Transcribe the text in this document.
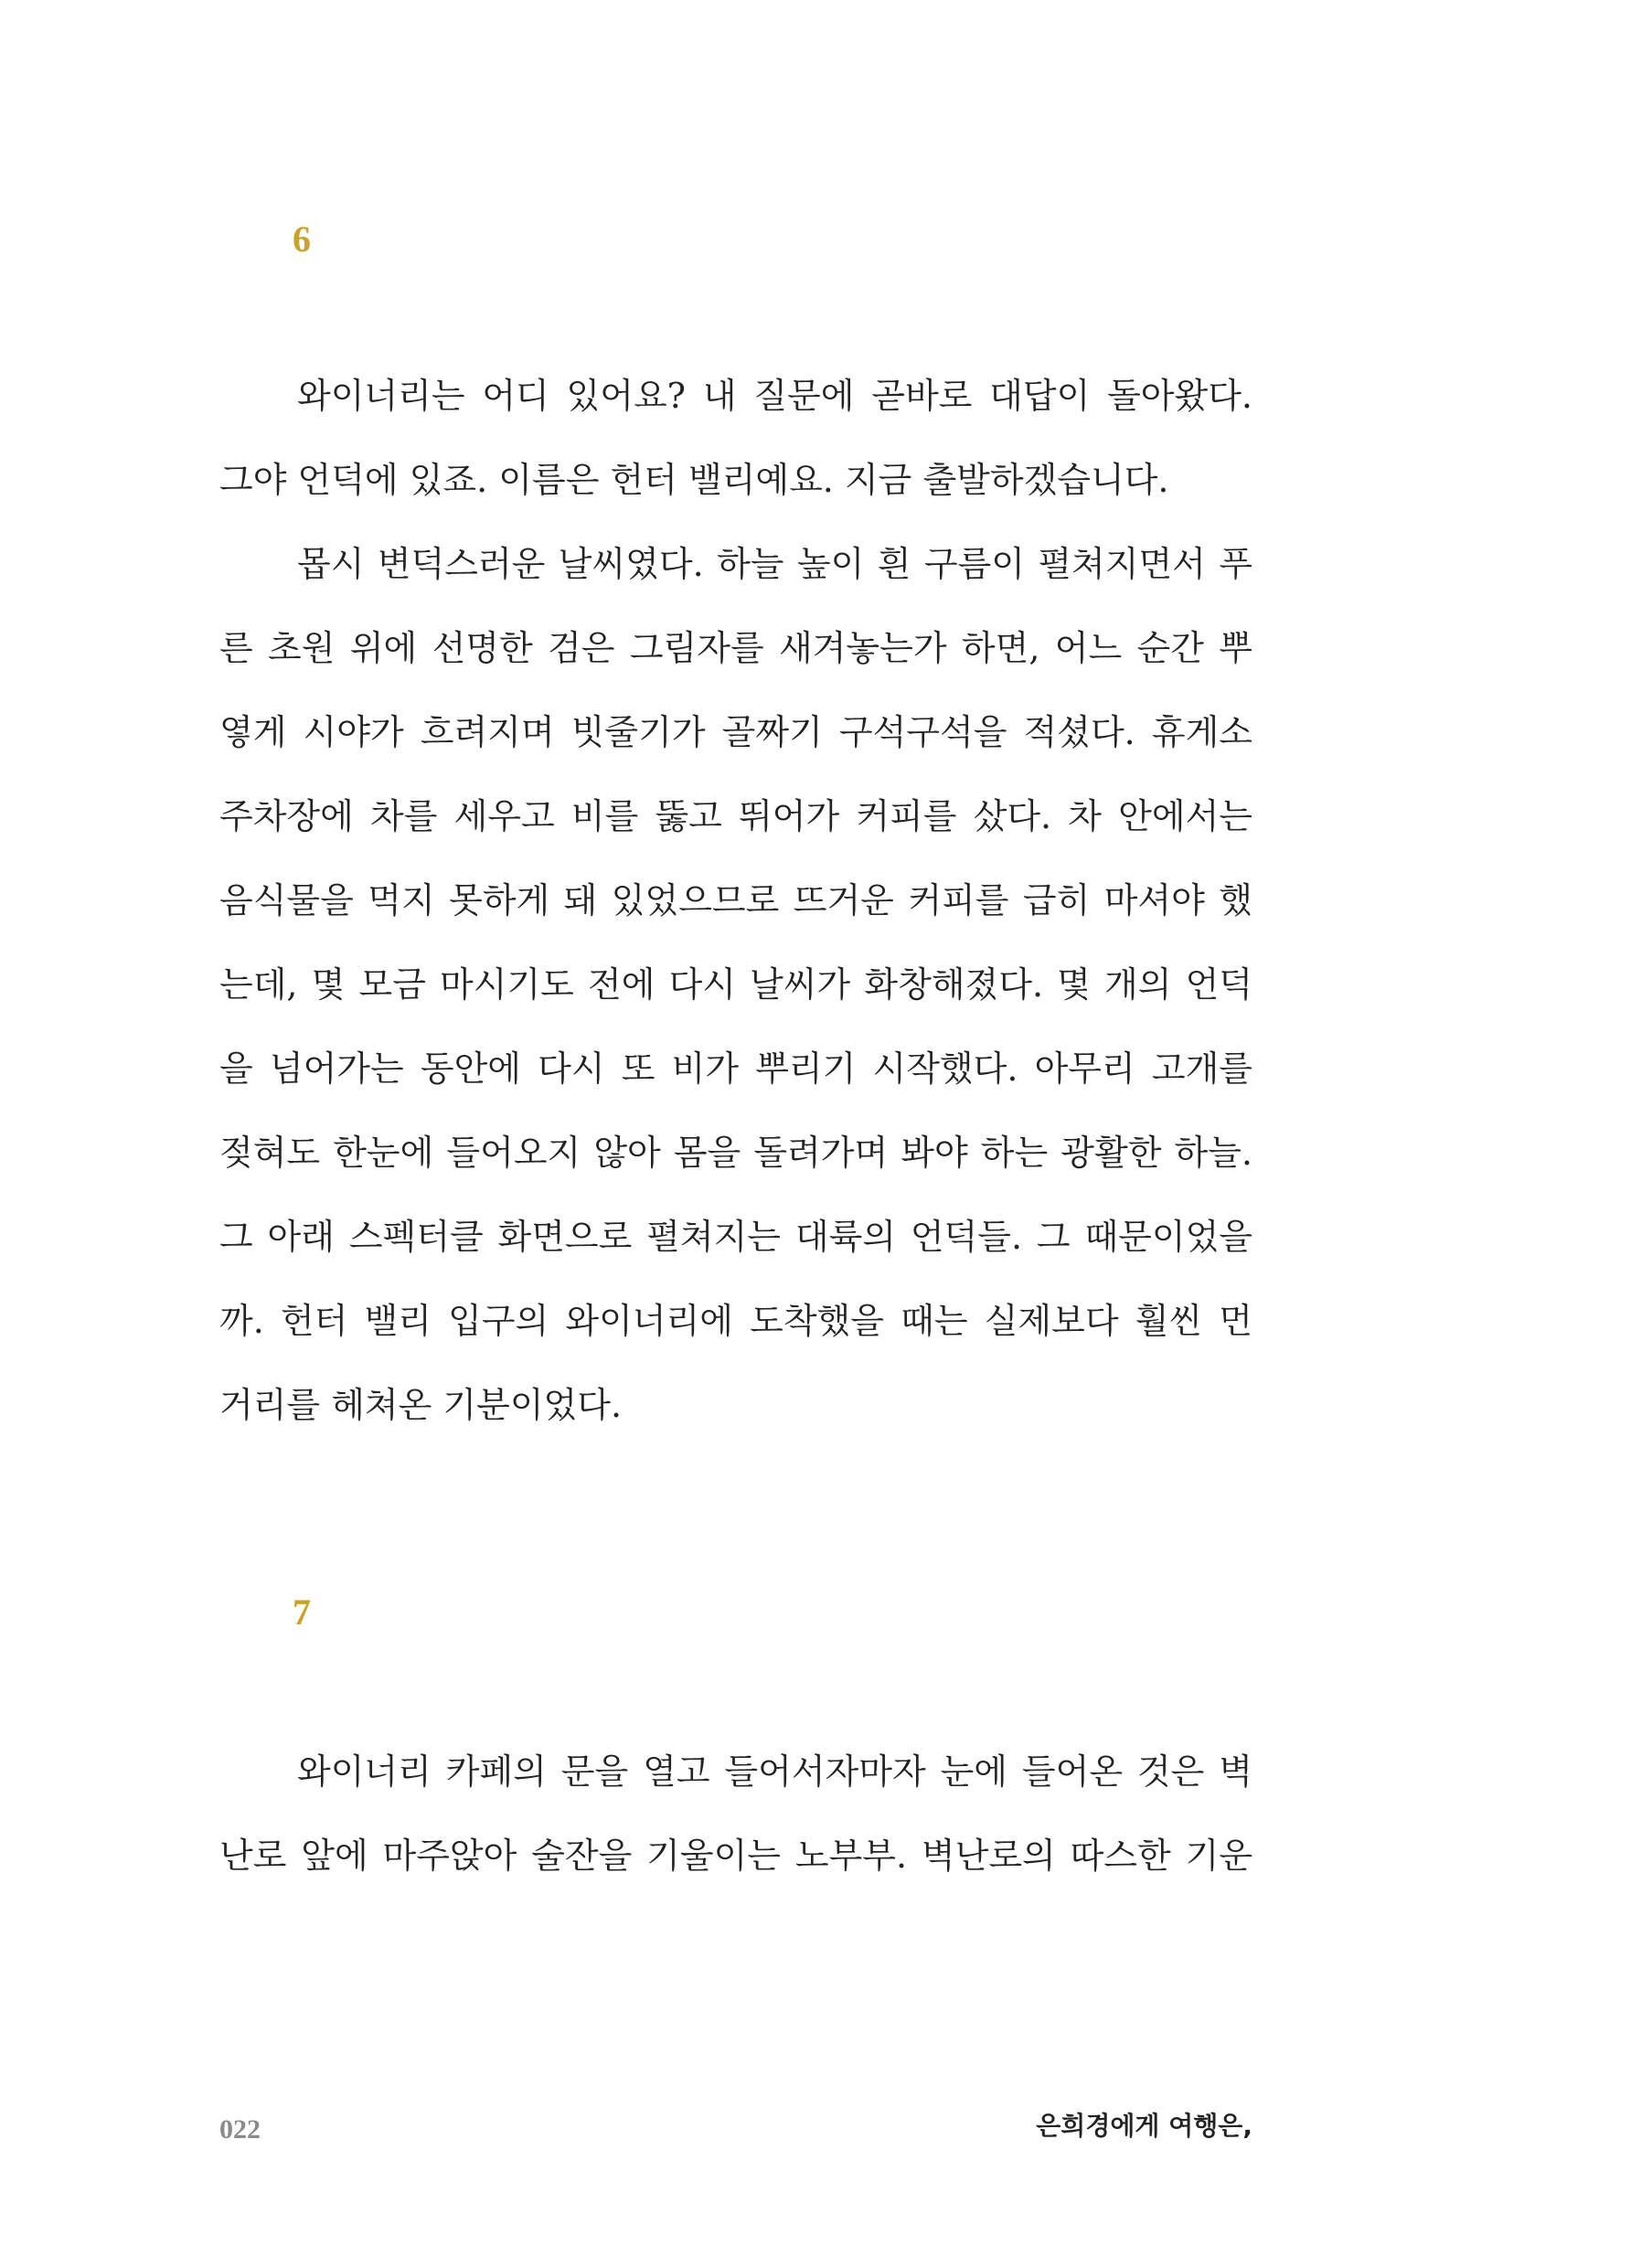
6
와이너리는 어디 있어요? 내 질문에 곧바로 대답이 돌아왔다.
그야 언덕에 있죠. 이름은 헌터 밸리예요. 지금 출발하겠습니다.
몹시 변덕스러운 날씨였다. 하늘 높이 흰 구름이 펼쳐지면서 푸
른 초원 위에 선명한 검은 그림자를 새겨놓는가 하면, 어느 순간 뿌
옇게 시야가 흐려지며 빗줄기가 골짜기 구석구석을 적셨다. 휴게소
주차장에 차를 세우고 비를 뚫고 뛰어가 커피를 샀다. 차 안에서는
음식물을 먹지 못하게 돼 있었으므로 뜨거운 커피를 급히 마셔야 했
는데, 몇 모금 마시기도 전에 다시 날씨가 화창해졌다. 몇 개의 언덕
을 넘어가는 동안에 다시 또 비가 뿌리기 시작했다. 아무리 고개를
젖혀도 한눈에 들어오지 않아 몸을 돌려가며 봐야 하는 광활한 하늘.
그 아래 스펙터클 화면으로 펼쳐지는 대륙의 언덕들. 그 때문이었을
까. 헌터 밸리 입구의 와이너리에 도착했을 때는 실제보다 훨씬 먼
거리를 헤쳐온 기분이었다.
7
와이너리 카페의 문을 열고 들어서자마자 눈에 들어온 것은 벽
난로 앞에 마주앉아 술잔을 기울이는 노부부. 벽난로의 따스한 기운
022	은희경에게 여행은,
